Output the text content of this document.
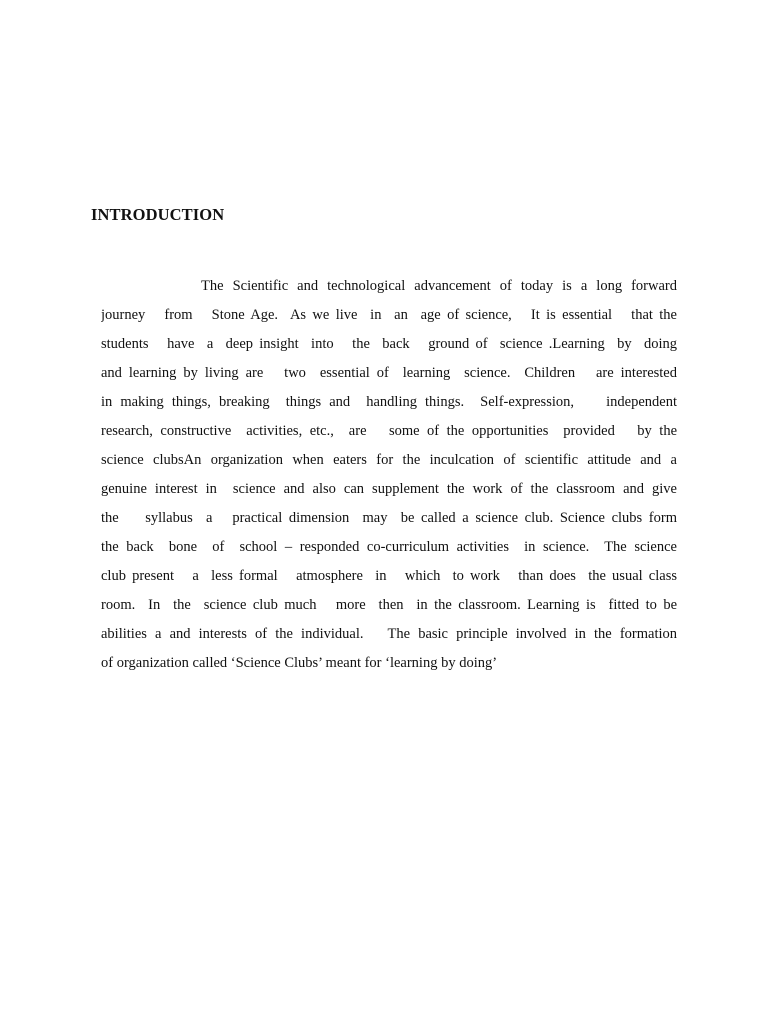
INTRODUCTION
The Scientific and technological advancement of today is a long forward
journey   from   Stone Age.  As we live  in  an  age of science,   It is essential   that the
students   have  a  deep insight  into   the  back   ground of  science .Learning  by  doing
and learning by living are   two  essential of  learning  science.  Children   are interested
in making things, breaking  things and  handling things.  Self-expression,    independent
research, constructive  activities, etc.,  are   some of the opportunities  provided   by the
science clubsAn organization when eaters for the inculcation of scientific attitude and a
genuine interest in  science and also can supplement the work of the classroom and give
the    syllabus  a   practical dimension  may  be called a science club. Science clubs form
the back  bone  of  school – responded co-curriculum activities  in science.  The science
club present   a  less formal   atmosphere  in   which  to work   than does  the usual class
room.  In  the  science club much   more  then  in the classroom. Learning is  fitted to be
abilities a and interests of the individual.   The basic principle involved in the formation
of organization called ‘Science Clubs’ meant for ‘learning by doing’
